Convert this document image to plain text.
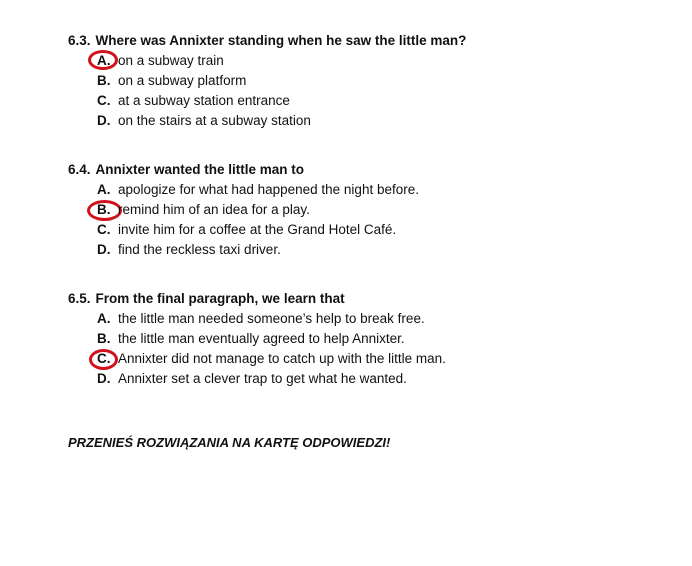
6.3. Where was Annixter standing when he saw the little man?
A. on a subway train
B. on a subway platform
C. at a subway station entrance
D. on the stairs at a subway station
6.4. Annixter wanted the little man to
A. apologize for what had happened the night before.
B. remind him of an idea for a play.
C. invite him for a coffee at the Grand Hotel Café.
D. find the reckless taxi driver.
6.5. From the final paragraph, we learn that
A. the little man needed someone’s help to break free.
B. the little man eventually agreed to help Annixter.
C. Annixter did not manage to catch up with the little man.
D. Annixter set a clever trap to get what he wanted.
PRZENIEŚ ROZWIĄZANIA NA KARTĘ ODPOWIEDZI!
